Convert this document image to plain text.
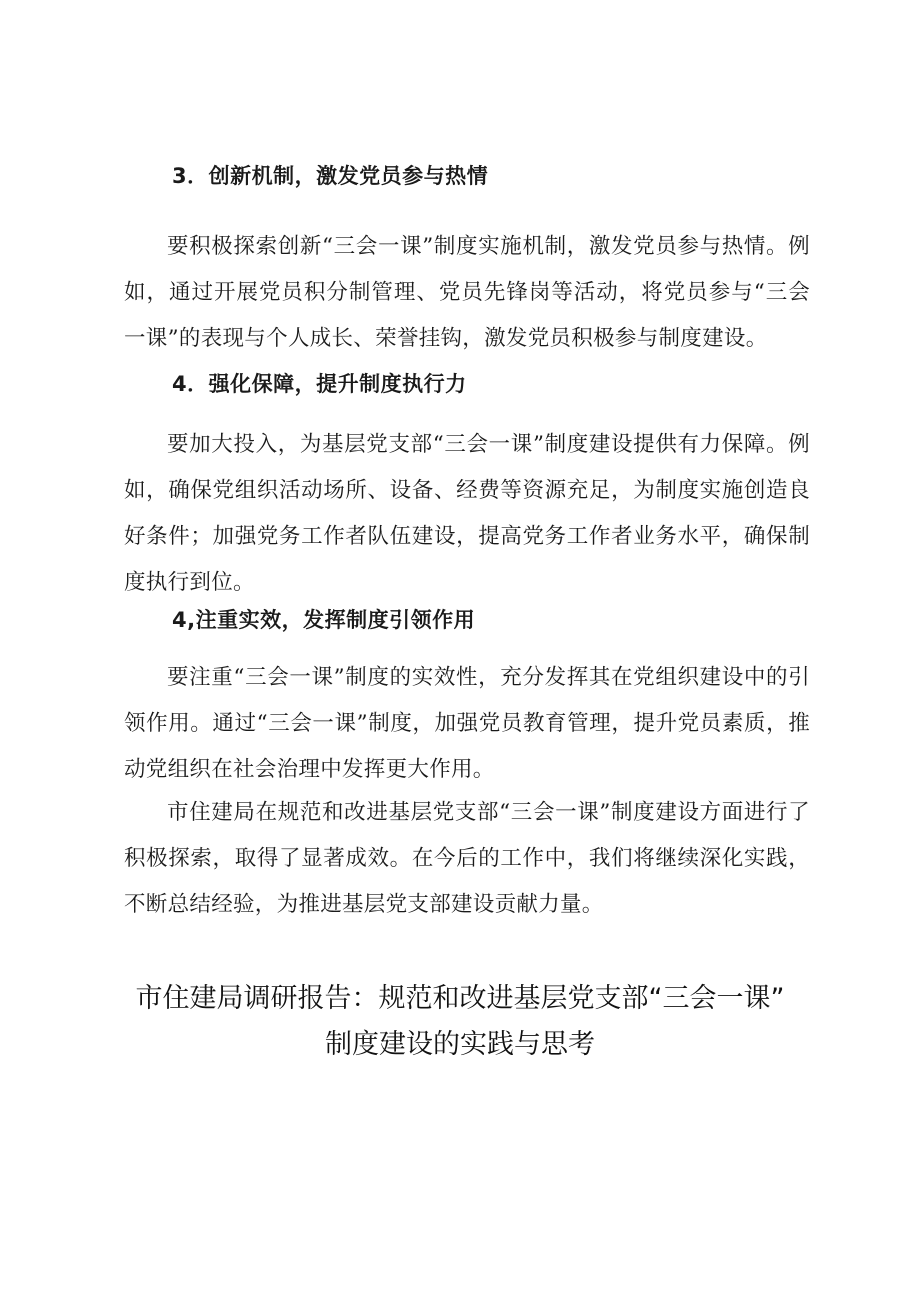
3．创新机制，激发党员参与热情

要积极探索创新“三会一课”制度实施机制，激发党员参与热情。例如，通过开展党员积分制管理、党员先锋岗等活动，将党员参与“三会一课”的表现与个人成长、荣誉挂钩，激发党员积极参与制度建设。

4．强化保障，提升制度执行力

要加大投入，为基层党支部“三会一课”制度建设提供有力保障。例如，确保党组织活动场所、设备、经费等资源充足，为制度实施创造良好条件；加强党务工作者队伍建设，提高党务工作者业务水平，确保制度执行到位。

4,注重实效，发挥制度引领作用

要注重“三会一课”制度的实效性，充分发挥其在党组织建设中的引领作用。通过“三会一课”制度，加强党员教育管理，提升党员素质，推动党组织在社会治理中发挥更大作用。

市住建局在规范和改进基层党支部“三会一课”制度建设方面进行了积极探索，取得了显著成效。在今后的工作中，我们将继续深化实践，不断总结经验，为推进基层党支部建设贡献力量。

市住建局调研报告：规范和改进基层党支部“三会一课”

制度建设的实践与思考
